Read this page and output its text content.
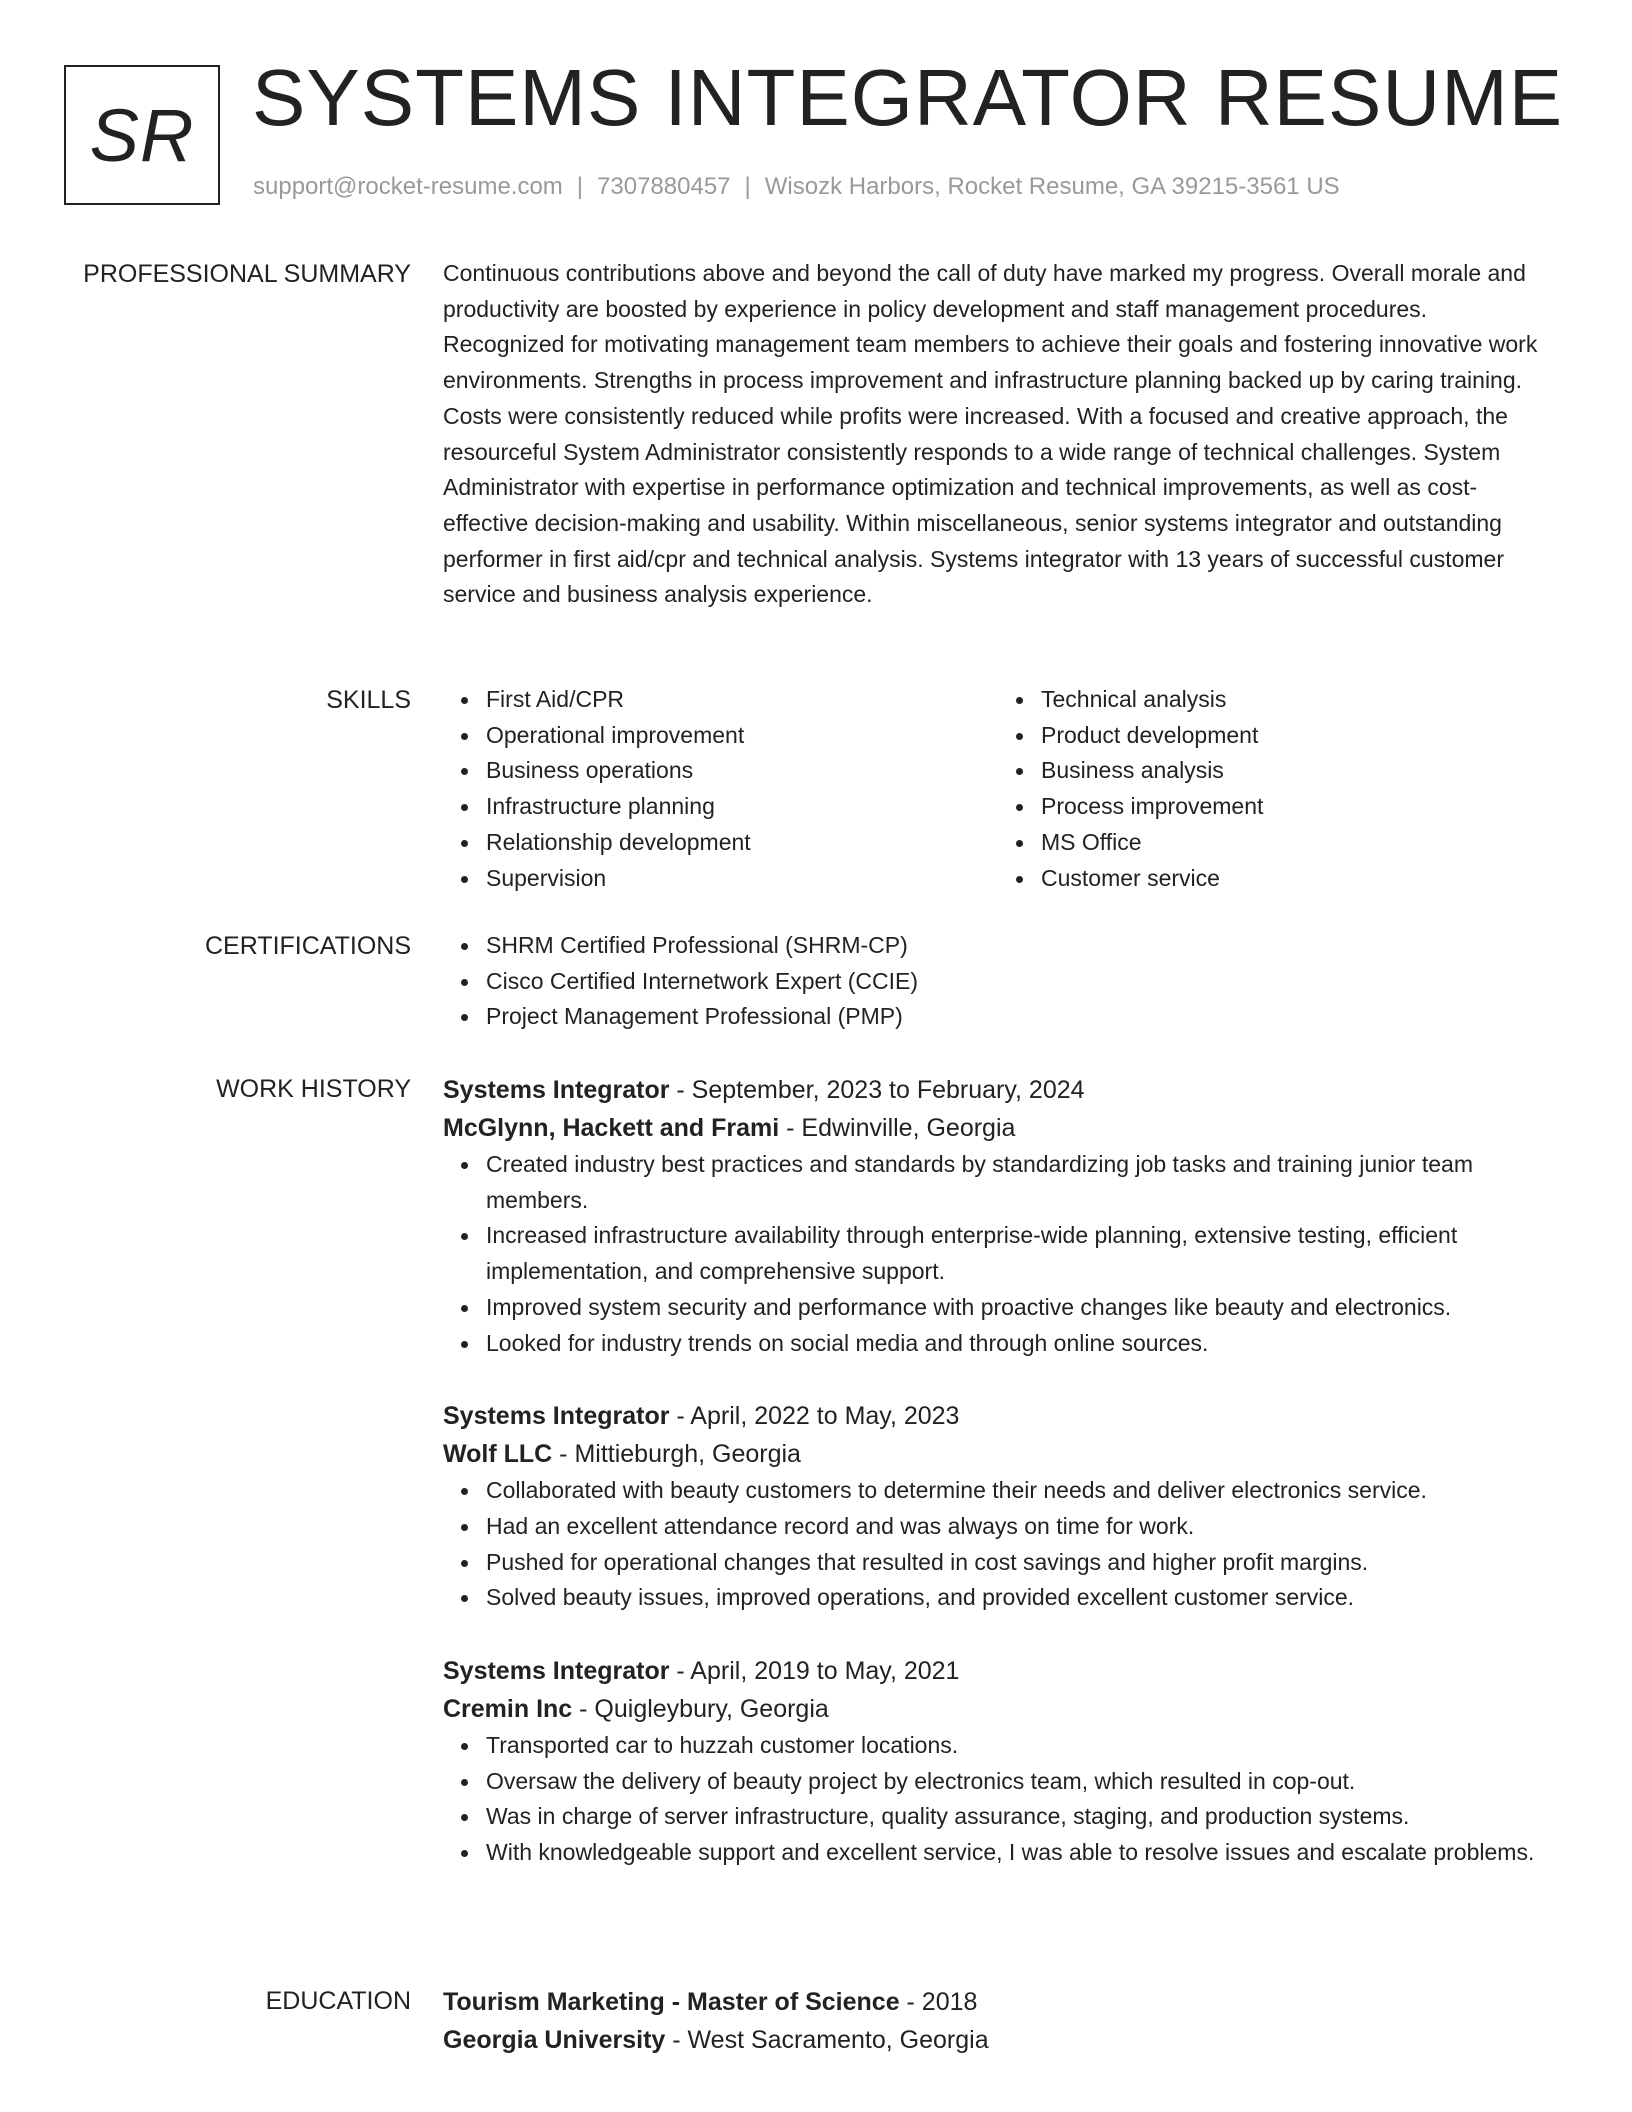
SR SYSTEMS INTEGRATOR RESUME
support@rocket-resume.com | 7307880457 | Wisozk Harbors, Rocket Resume, GA 39215-3561 US
PROFESSIONAL SUMMARY Continuous contributions above and beyond the call of duty have marked my progress. Overall morale and productivity are boosted by experience in policy development and staff management procedures. Recognized for motivating management team members to achieve their goals and fostering innovative work environments. Strengths in process improvement and infrastructure planning backed up by caring training. Costs were consistently reduced while profits were increased. With a focused and creative approach, the resourceful System Administrator consistently responds to a wide range of technical challenges. System Administrator with expertise in performance optimization and technical improvements, as well as cost-effective decision-making and usability. Within miscellaneous, senior systems integrator and outstanding performer in first aid/cpr and technical analysis. Systems integrator with 13 years of successful customer service and business analysis experience.

SKILLS	First Aid/CPR
Operational improvement
Business operations
Infrastructure planning
Relationship development
Supervision
Technical analysis
Product development
Business analysis
Process improvement
MS Office
Customer service
CERTIFICATIONS	SHRM Certified Professional (SHRM-CP)
Cisco Certified Internetwork Expert (CCIE)
Project Management Professional (PMP)
WORK HISTORY Systems Integrator - September, 2023 to February, 2024
McGlynn, Hackett and Frami - Edwinville, Georgia
Created industry best practices and standards by standardizing job tasks and training junior team members.
Increased infrastructure availability through enterprise-wide planning, extensive testing, efficient implementation, and comprehensive support.
Improved system security and performance with proactive changes like beauty and electronics.
Looked for industry trends on social media and through online sources.
Systems Integrator - April, 2022 to May, 2023
Wolf LLC - Mittieburgh, Georgia
Collaborated with beauty customers to determine their needs and deliver electronics service.
Had an excellent attendance record and was always on time for work.
Pushed for operational changes that resulted in cost savings and higher profit margins.
Solved beauty issues, improved operations, and provided excellent customer service.
Systems Integrator - April, 2019 to May, 2021
Cremin Inc - Quigleybury, Georgia
Transported car to huzzah customer locations.
Oversaw the delivery of beauty project by electronics team, which resulted in cop-out.
Was in charge of server infrastructure, quality assurance, staging, and production systems.
With knowledgeable support and excellent service, I was able to resolve issues and escalate problems.
EDUCATION Tourism Marketing - Master of Science - 2018
Georgia University - West Sacramento, Georgia
